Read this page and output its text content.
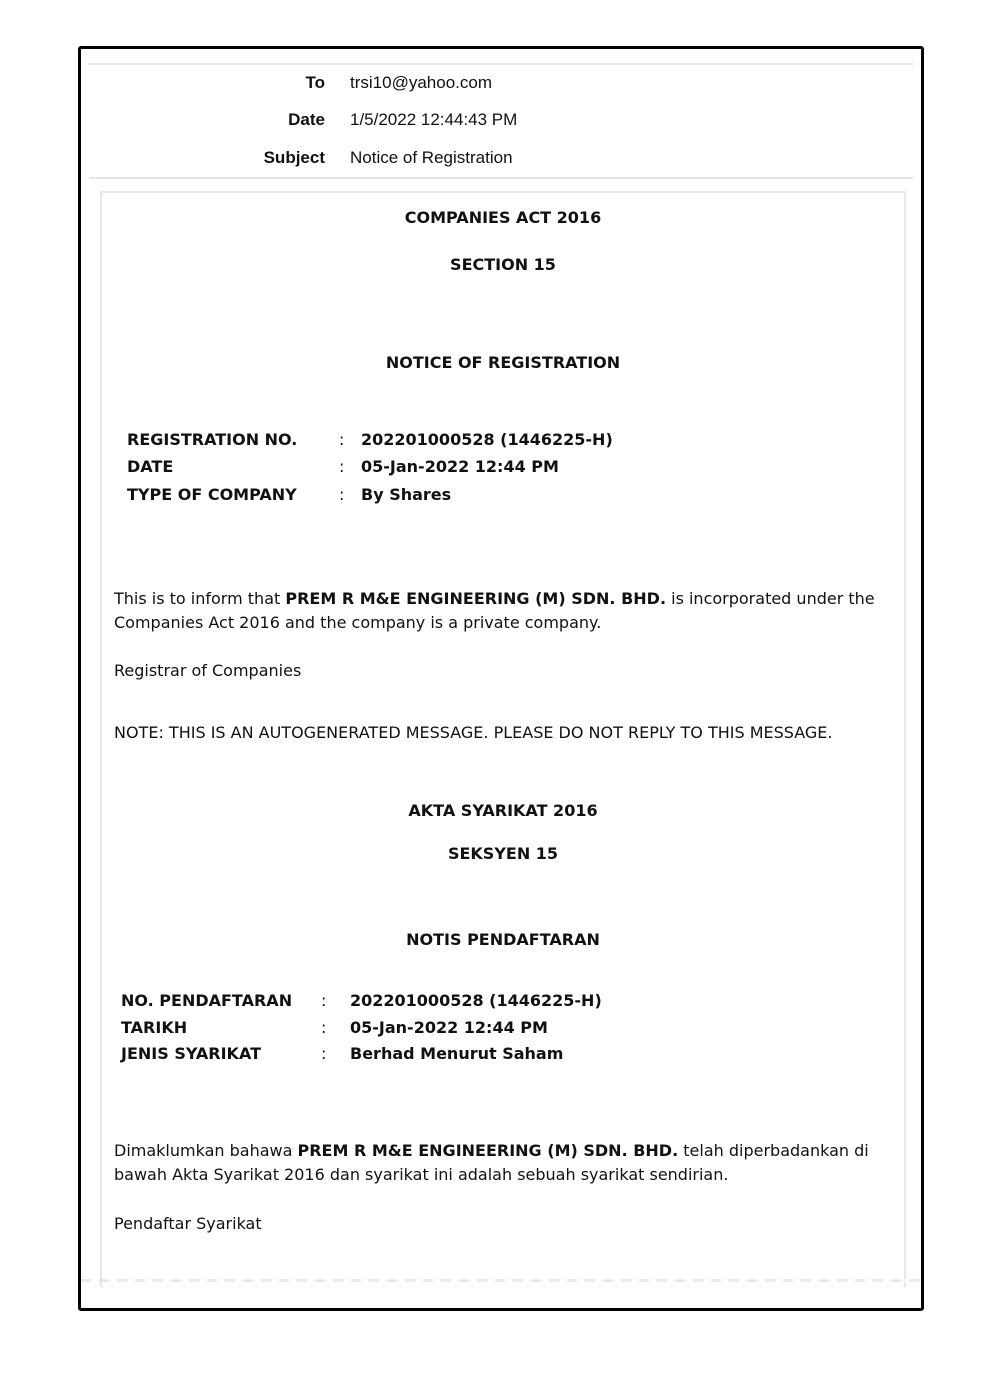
To trsi10@yahoo.com
Date 1/5/2022 12:44:43 PM
Subject Notice of Registration
COMPANIES ACT 2016
SECTION 15
NOTICE OF REGISTRATION
REGISTRATION NO.	: 202201000528 (1446225-H)
DATE	: 05-Jan-2022 12:44 PM
TYPE OF COMPANY	: By Shares
This is to inform that PREM R M&E ENGINEERING (M) SDN. BHD. is incorporated under the Companies Act 2016 and the company is a private company.
Registrar of Companies
NOTE: THIS IS AN AUTOGENERATED MESSAGE. PLEASE DO NOT REPLY TO THIS MESSAGE.
AKTA SYARIKAT 2016
SEKSYEN 15
NOTIS PENDAFTARAN
NO. PENDAFTARAN : 202201000528 (1446225-H)
TARIKH	: 05-Jan-2022 12:44 PM
JENIS SYARIKAT	: Berhad Menurut Saham
Dimaklumkan bahawa PREM R M&E ENGINEERING (M) SDN. BHD. telah diperbadankan di bawah Akta Syarikat 2016 dan syarikat ini adalah sebuah syarikat sendirian.
Pendaftar Syarikat
